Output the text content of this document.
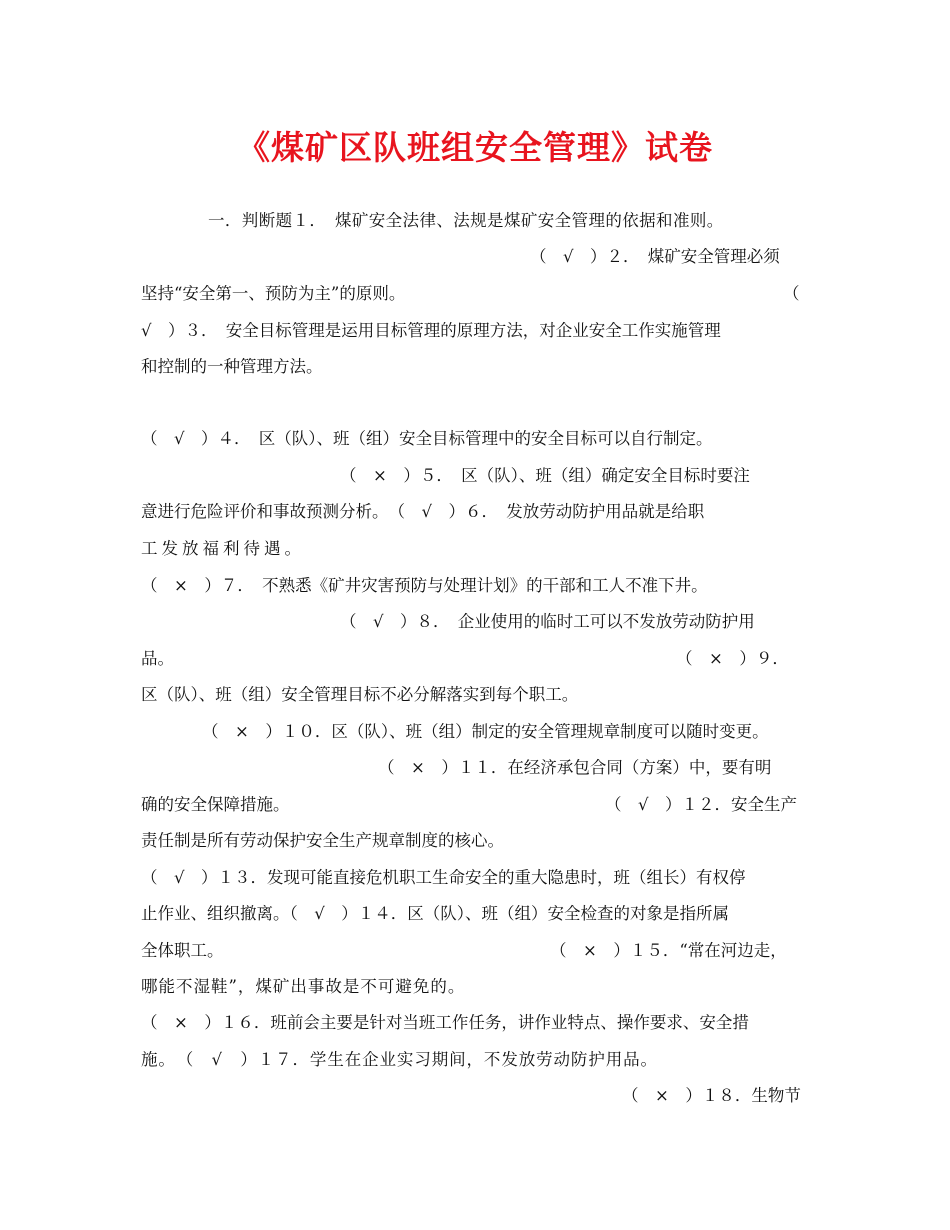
《煤矿区队班组安全管理》试卷
一．判断题１．　煤矿安全法律、法规是煤矿安全管理的依据和准则。
（　√　）２．　煤矿安全管理必须
坚持“安全第一、预防为主”的原则。	（
√　）３．　安全目标管理是运用目标管理的原理方法，对企业安全工作实施管理
和控制的一种管理方法。
（　√　）４．　区（队）、班（组）安全目标管理中的安全目标可以自行制定。
（　×　）５．　区（队）、班（组）确定安全目标时要注
意进行危险评价和事故预测分析。　（　√　）６．　发放劳动防护用品就是给职
工发放福利待遇。
（　×　）７．　不熟悉《矿井灾害预防与处理计划》的干部和工人不准下井。
（　√　）８．　企业使用的临时工可以不发放劳动防护用
品。	（　×　）９．
区（队）、班（组）安全管理目标不必分解落实到每个职工。
（　×　）１０．区（队）、班（组）制定的安全管理规章制度可以随时变更。
（　×　）１１．在经济承包合同（方案）中，要有明
确的安全保障措施。	（　√　）１２．安全生产
责任制是所有劳动保护安全生产规章制度的核心。
（　√　）１３．发现可能直接危机职工生命安全的重大隐患时，班（组长）有权停
止作业、组织撤离。（　√　）１４．区（队）、班（组）安全检查的对象是指所属
全体职工。	（　×　）１５．“常在河边走，
哪能不湿鞋”，煤矿出事故是不可避免的。
（　×　）１６．班前会主要是针对当班工作任务，讲作业特点、操作要求、安全措
施。　（　√　）１７．学生在企业实习期间，不发放劳动防护用品。
（　×　）１８．生物节
